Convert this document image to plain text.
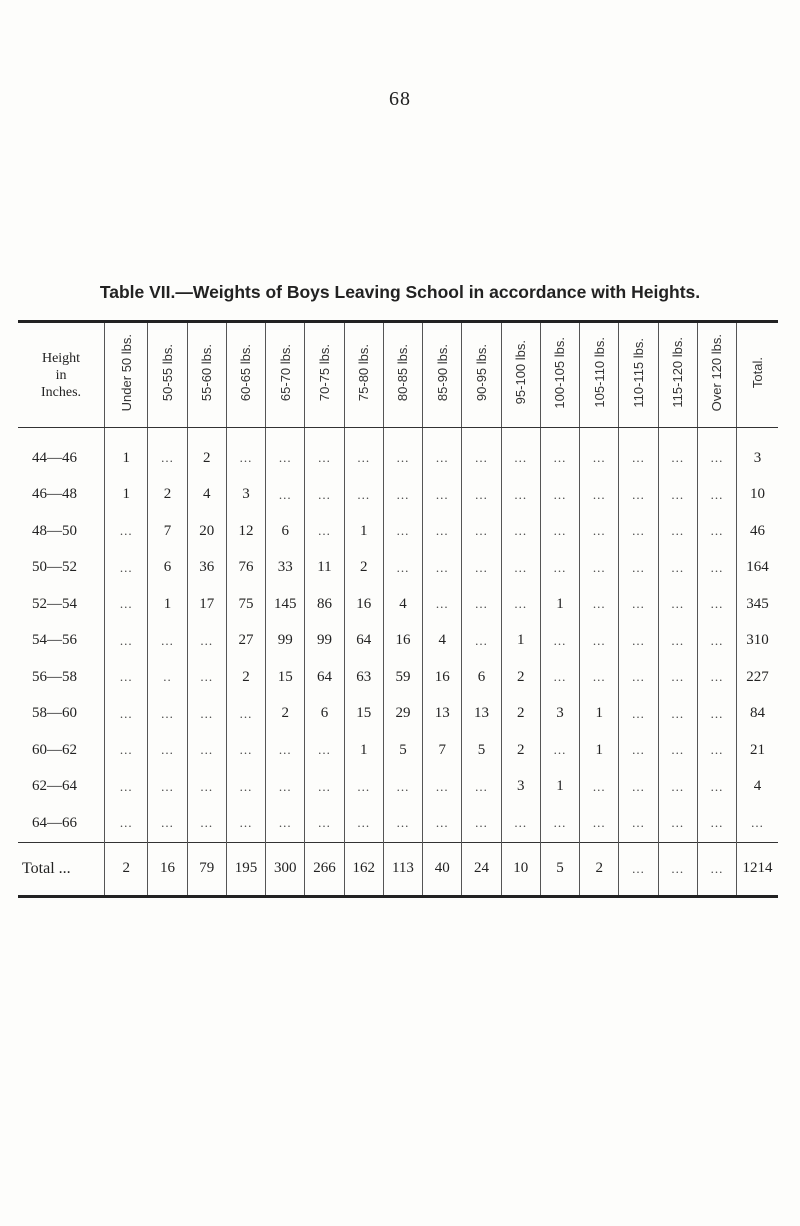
68
Table VII.—Weights of Boys Leaving School in accordance with Heights.
Height
in
Inches.	Under 50 lbs.	50-55 lbs.	55-60 lbs.	60-65 lbs.	65-70 lbs.	70-75 lbs.	75-80 lbs.	80-85 lbs.	85-90 lbs.	90-95 lbs.	95-100 lbs.	100-105 lbs.	105-110 lbs.	110-115 lbs.	115-120 lbs.	Over 120 lbs.	Total.

44—46	1	...	2	...	...	...	...	...	...	...	...	...	...	...	...	...	3
46—48	1	2	4	3	...	...	...	...	...	...	...	...	...	...	...	...	10
48—50	...	7	20	12	6	...	1	...	...	...	...	...	...	...	...	...	46
50—52	...	6	36	76	33	11	2	...	...	...	...	...	...	...	...	...	164
52—54	...	1	17	75	145	86	16	4	...	...	...	1	...	...	...	...	345
54—56	...	...	...	27	99	99	64	16	4	...	1	...	...	...	...	...	310
56—58	...	..	...	2	15	64	63	59	16	6	2	...	...	...	...	...	227
58—60	...	...	...	...	2	6	15	29	13	13	2	3	1	...	...	...	84
60—62	...	...	...	...	...	...	1	5	7	5	2	...	1	...	...	...	21
62—64	...	...	...	...	...	...	...	...	...	...	3	1	...	...	...	...	4
64—66	...	...	...	...	...	...	...	...	...	...	...	...	...	...	...	...	...
Total ...	2	16	79	195	300	266	162	113	40	24	10	5	2	...	...	...	1214
